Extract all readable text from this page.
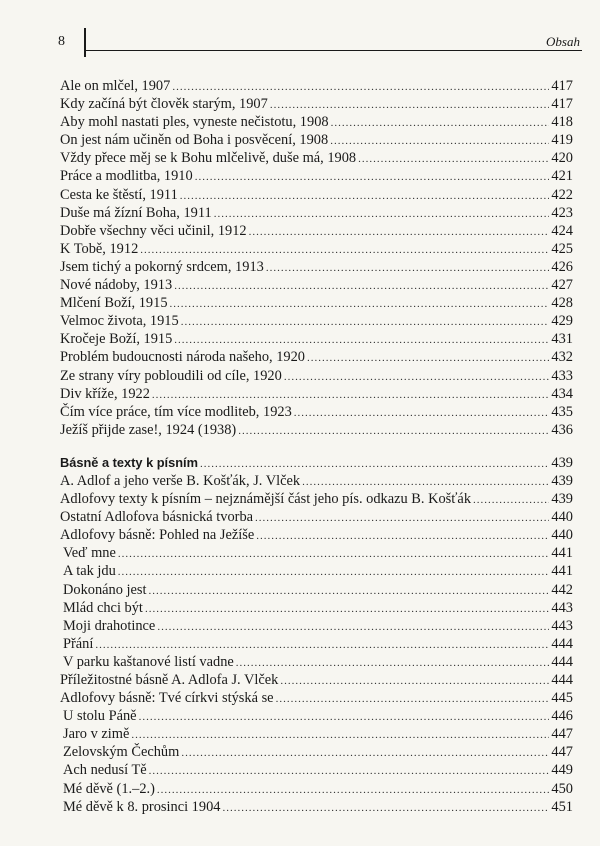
8	Obsah
Ale on mlčel, 1907 .....	417
Kdy začíná být člověk starým, 1907 .....	417
Aby mohl nastati ples, vyneste nečistotu, 1908 .....	418
On jest nám učiněn od Boha i posvěcení, 1908 .....	419
Vždy přece měj se k Bohu mlčelivě, duše má, 1908 .....	420
Práce a modlitba, 1910 .....	421
Cesta ke štěstí, 1911 .....	422
Duše má žízní Boha, 1911 .....	423
Dobře všechny věci učinil, 1912 .....	424
K Tobě, 1912 .....	425
Jsem tichý a pokorný srdcem, 1913 .....	426
Nové nádoby, 1913 .....	427
Mlčení Boží, 1915 .....	428
Velmoc života, 1915 .....	429
Kročeje Boží, 1915 .....	431
Problém budoucnosti národa našeho, 1920 .....	432
Ze strany víry pobloudili od cíle, 1920 .....	433
Div kříže, 1922 .....	434
Čím více práce, tím více modliteb, 1923 .....	435
Ježíš přijde zase!, 1924 (1938) .....	436
Básně a texty k písním .....	439
A. Adlof a jeho verše B. Košťák, J. Vlček .....	439
Adlofovy texty k písním – nejznámější část jeho pís. odkazu B. Košťák .....	439
Ostatní Adlofova básnická tvorba .....	440
Adlofovy básně: Pohled na Ježíše .....	440
Veď mne .....	441
A tak jdu .....	441
Dokonáno jest .....	442
Mlád chci být .....	443
Moji drahotince .....	443
Přání .....	444
V parku kaštanové listí vadne .....	444
Příležitostné básně A. Adlofa J. Vlček .....	444
Adlofovy básně: Tvé církvi stýská se .....	445
U stolu Páně .....	446
Jaro v zimě .....	447
Zelovským Čechům .....	447
Ach nedusí Tě .....	449
Mé děvě (1.–2.) .....	450
Mé děvě k 8. prosinci 1904 .....	451
